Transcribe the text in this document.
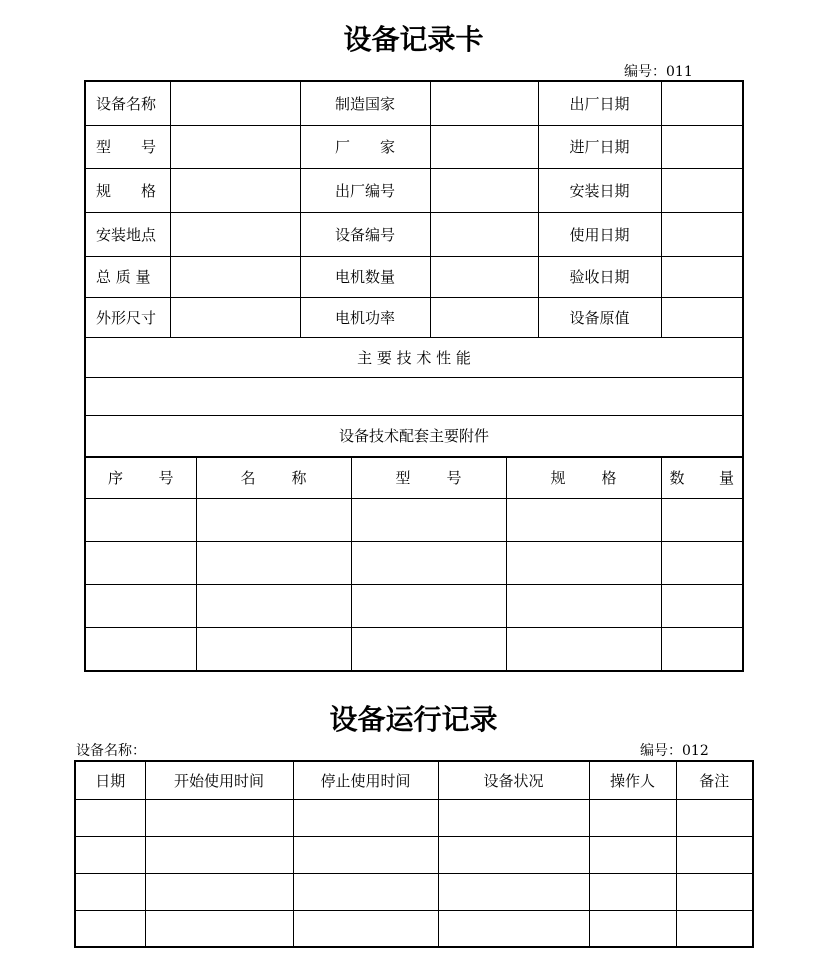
设备记录卡
编号：011
设备名称		制造国家		出厂日期	
型　　号		厂　　家		进厂日期	
规　　格		出厂编号		安装日期	
安装地点		设备编号		使用日期	
总 质 量		电机数量		验收日期	
外形尺寸		电机功率		设备原值	
主 要 技 术 性 能					

设备技术配套主要附件					
序　　号	名　　称	型　　号	规　　格	数　　量

设备运行记录
设备名称：	编号：012
日期	开始使用时间	停止使用时间	设备状况	操作人	备注
